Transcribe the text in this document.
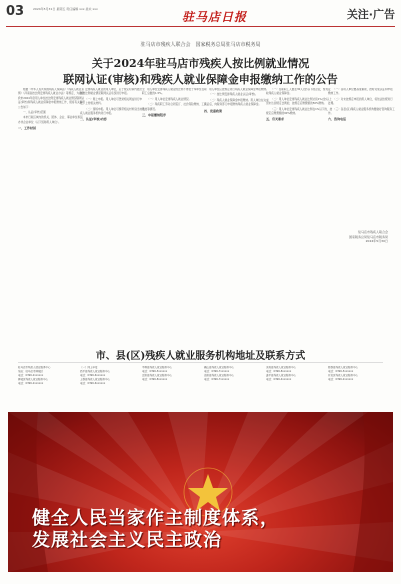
03	2024年5月31日 星期五 责任编辑 xxx 美术 xxx
驻马店日报	关注·广告
驻马店市残疾人联合会　国家税务总局驻马店市税务局
关于2024年驻马店市残疾人按比例就业情况
联网认证(审核)和残疾人就业保障金申报缴纳工作的公告

根据《中华人民共和国残疾人保障法》《残疾人就业条例》《河南省按比例安排残疾人就业办法》等规定，为做好我市2024年度用人单位按比例安排残疾人就业情况联网认证(审核)和残疾人就业保障金申报缴纳工作，现将有关事项公告如下：

一、认证(审核)范围

本市行政区域内的机关、团体、企业、事业单位和民办非企业单位（以下统称用人单位）。

一、工作时间

安排残疾人就业的用人单位，应于规定时间内通过全国按比例就业情况联网认证系统进行申报。

（一）网上申报。用人单位可登录相关网站进行申报，上传相关材料。

（二）现场申报。用人单位可携带相关材料到当地残疾人就业服务机构进行申报。

二、认证(审核)内容

用人单位安排残疾人就业的比例不得低于本单位在职职工总数的1.5%。

（一）用人单位安排残疾人就业情况。

（二）残疾职工劳动合同签订、社会保险缴纳、工资发放等情况。

三、申报缴纳程序

用人单位应按规定进行残疾人就业保障金申报缴纳。

（一）按比例安排残疾人就业认证(审核)。

（二）残疾人就业保障金申报缴纳。用人单位在完成认证后，向税务部门申报缴纳残疾人就业保障金。

四、优惠政策

（一）在职职工人数在30人(含)以下的企业，暂免征收残疾人就业保障金。

（二）用人单位安排残疾人就业比例达到1%(含)以上但未达到规定比例的，按规定应缴费额的50%缴纳。

（三）用人单位安排残疾人就业比例在1%以下的，按规定应缴费额的90%缴纳。

五、有关要求

（一）各用人单位要高度重视，按时完成认证和申报缴纳工作。

（二）对未按规定申报的用人单位，将依法依规进行处理。

（三）各县(区)残疾人就业服务机构要做好咨询服务工作。

六、咨询电话
驻马店市残疾人联合会
国家税务总局驻马店市税务局
2024年5月30日
市、县(区)残疾人就业服务机构地址及联系方式

驻马店市残疾人就业服务中心

地址：驻马店市驿城区

电话：0396-2xxxxxx

驿城区残疾人就业服务中心

电话：0396-2xxxxxx

（一）网上申报

西平县残疾人就业服务中心

电话：0396-6xxxxxx

上蔡县残疾人就业服务中心

电话：0396-6xxxxxx

平舆县残疾人就业服务中心

电话：0396-5xxxxxx

正阳县残疾人就业服务中心

电话：0396-8xxxxxx

确山县残疾人就业服务中心

电话：0396-7xxxxxx

泌阳县残疾人就业服务中心

电话：0396-7xxxxxx

汝南县残疾人就业服务中心

电话：0396-8xxxxxx

遂平县残疾人就业服务中心

电话：0396-4xxxxxx

新蔡县残疾人就业服务中心

电话：0396-5xxxxxx

开发区残疾人就业服务中心

电话：0396-2xxxxxx

健全人民当家作主制度体系，
发展社会主义民主政治
